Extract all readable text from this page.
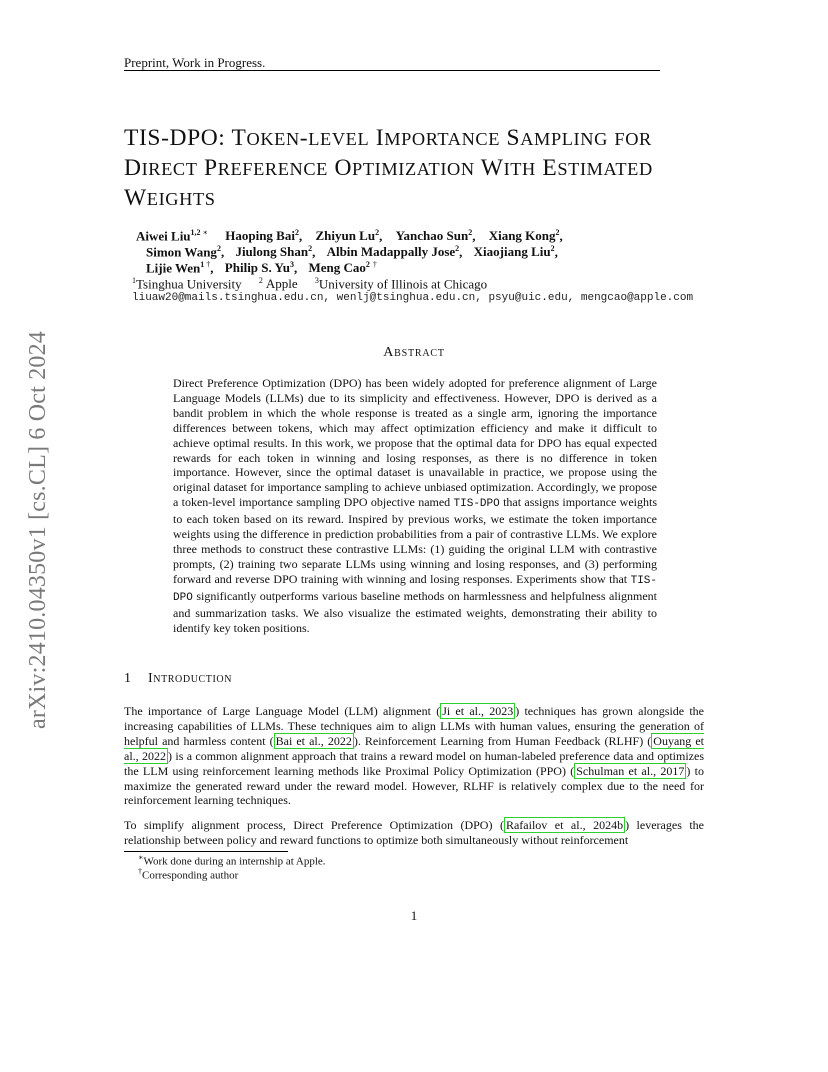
arXiv:2410.04350v1 [cs.CL] 6 Oct 2024
Preprint, Work in Progress.
TIS-DPO: TOKEN-LEVEL IMPORTANCE SAMPLING FOR
DIRECT PREFERENCE OPTIMIZATION WITH ESTIMATED
WEIGHTS
Aiwei Liu$^{1,2}$ ∗ Haoping Bai$^2$, Zhiyun Lu$^2$, Yanchao Sun$^2$, Xiang Kong$^2$,
Simon Wang$^2$, Jiulong Shan$^2$, Albin Madappally Jose$^2$, Xiaojiang Liu$^2$,
Lijie Wen$^1$ †, Philip S. Yu$^3$, Meng Cao$^2$ †
$^1$Tsinghua University $^2$ Apple $^3$University of Illinois at Chicago
liuaw20@mails.tsinghua.edu.cn, wenlj@tsinghua.edu.cn, psyu@uic.edu, mengcao@apple.com
Abstract
Direct Preference Optimization (DPO) has been widely adopted for preference alignment of Large Language Models (LLMs) due to its simplicity and effectiveness. However, DPO is derived as a bandit problem in which the whole response is treated as a single arm, ignoring the importance differences between tokens, which may affect optimization efficiency and make it difficult to achieve optimal results. In this work, we propose that the optimal data for DPO has equal expected rewards for each token in winning and losing responses, as there is no difference in token importance. However, since the optimal dataset is unavailable in practice, we propose using the original dataset for importance sampling to achieve unbiased optimization. Accordingly, we propose a token-level importance sampling DPO objective named TIS-DPO that assigns importance weights to each token based on its reward. Inspired by previous works, we estimate the token importance weights using the difference in prediction probabilities from a pair of contrastive LLMs. We explore three methods to construct these contrastive LLMs: (1) guiding the original LLM with contrastive prompts, (2) training two separate LLMs using winning and losing responses, and (3) performing forward and reverse DPO training with winning and losing responses. Experiments show that TIS-DPO significantly outperforms various baseline methods on harmlessness and helpfulness alignment and summarization tasks. We also visualize the estimated weights, demonstrating their ability to identify key token positions.
1 Introduction
The importance of Large Language Model (LLM) alignment ( Ji et al., 2023 ) techniques has grown alongside the increasing capabilities of LLMs. These techniques aim to align LLMs with human values, ensuring the generation of helpful and harmless content ( Bai et al., 2022 ). Reinforcement Learning from Human Feedback (RLHF) ( Ouyang et al., 2022 ) is a common alignment approach that trains a reward model on human-labeled preference data and optimizes the LLM using reinforcement learning methods like Proximal Policy Optimization (PPO) ( Schulman et al., 2017 ) to maximize the generated reward under the reward model. However, RLHF is relatively complex due to the need for reinforcement learning techniques.
To simplify alignment process, Direct Preference Optimization (DPO) ( Rafailov et al., 2024b ) leverages the relationship between policy and reward functions to optimize both simultaneously without reinforcement
∗Work done during an internship at Apple.
†Corresponding author
1
